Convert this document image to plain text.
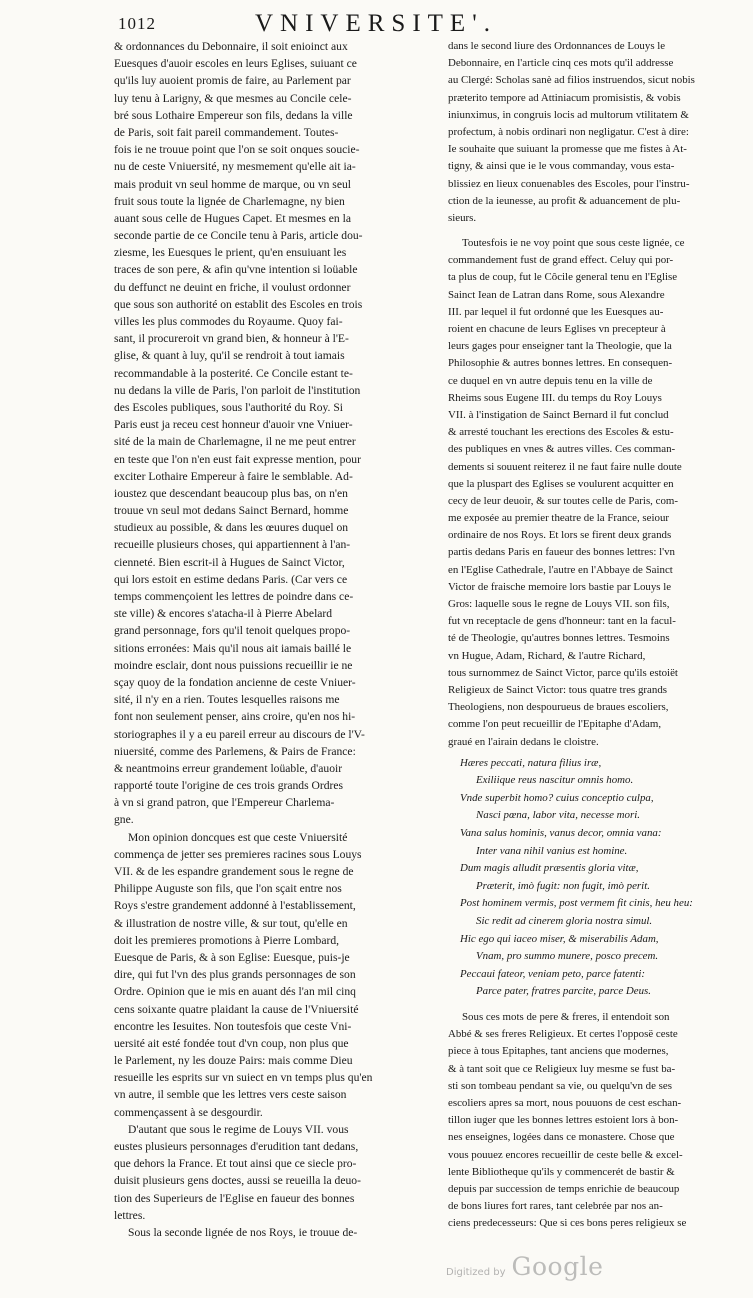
1012	VNIVERSITE'.
& ordonnances du Debonnaire, il soit enioinct aux
Euesques d'auoir escoles en leurs Eglises, suiuant ce
qu'ils luy auoient promis de faire, au Parlement par
luy tenu à Larigny, & que mesmes au Concile cele-
bré sous Lothaire Empereur son fils, dedans la ville
de Paris, soit fait pareil commandement. Toutes-
fois ie ne trouue point que l'on se soit onques soucie-
nu de ceste Vniuersité, ny mesmement qu'elle ait ia-
mais produit vn seul homme de marque, ou vn seul
fruit sous toute la lignée de Charlemagne, ny bien
auant sous celle de Hugues Capet. Et mesmes en la
seconde partie de ce Concile tenu à Paris, article dou-
ziesme, les Euesques le prient, qu'en ensuiuant les
traces de son pere, & afin qu'vne intention si loüable
du deffunct ne deuint en friche, il voulust ordonner
que sous son authorité on establit des Escoles en trois
villes les plus commodes du Royaume. Quoy fai-
sant, il procureroit vn grand bien, & honneur à l'E-
glise, & quant à luy, qu'il se rendroit à tout iamais
recommandable à la posterité. Ce Concile estant te-
nu dedans la ville de Paris, l'on parloit de l'institution
des Escoles publiques, sous l'authorité du Roy. Si
Paris eust ja receu cest honneur d'auoir vne Vniuer-
sité de la main de Charlemagne, il ne me peut entrer
en teste que l'on n'en eust fait expresse mention, pour
exciter Lothaire Empereur à faire le semblable. Ad-
ioustez que descendant beaucoup plus bas, on n'en
trouue vn seul mot dedans Sainct Bernard, homme
studieux au possible, & dans les œuures duquel on
recueille plusieurs choses, qui appartiennent à l'an-
cienneté. Bien escrit-il à Hugues de Sainct Victor,
qui lors estoit en estime dedans Paris. (Car vers ce
temps commençoient les lettres de poindre dans ce-
ste ville) & encores s'atacha-il à Pierre Abelard
grand personnage, fors qu'il tenoit quelques propo-
sitions erronées: Mais qu'il nous ait iamais baillé le
moindre esclair, dont nous puissions recueillir ie ne
sçay quoy de la fondation ancienne de ceste Vniuer-
sité, il n'y en a rien. Toutes lesquelles raisons me
font non seulement penser, ains croire, qu'en nos hi-
storiographes il y a eu pareil erreur au discours de l'V-
niuersité, comme des Parlemens, & Pairs de France:
& neantmoins erreur grandement loüable, d'auoir
rapporté toute l'origine de ces trois grands Ordres
à vn si grand patron, que l'Empereur Charlema-
gne.
Mon opinion doncques est que ceste Vniuersité
commença de jetter ses premieres racines sous Louys
VII. & de les espandre grandement sous le regne de
Philippe Auguste son fils, que l'on sçait entre nos
Roys s'estre grandement addonné à l'establissement,
& illustration de nostre ville, & sur tout, qu'elle en
doit les premieres promotions à Pierre Lombard,
Euesque de Paris, & à son Eglise: Euesque, puis-je
dire, qui fut l'vn des plus grands personnages de son
Ordre. Opinion que ie mis en auant dés l'an mil cinq
cens soixante quatre plaidant la cause de l'Vniuersité
encontre les Iesuites. Non toutesfois que ceste Vni-
uersité ait esté fondée tout d'vn coup, non plus que
le Parlement, ny les douze Pairs: mais comme Dieu
resueille les esprits sur vn suiect en vn temps plus qu'en
vn autre, il semble que les lettres vers ceste saison
commençassent à se desgourdir.
D'autant que sous le regime de Louys VII. vous
eustes plusieurs personnages d'erudition tant dedans,
que dehors la France. Et tout ainsi que ce siecle pro-
duisit plusieurs gens doctes, aussi se reueilla la deuo-
tion des Superieurs de l'Eglise en faueur des bonnes
lettres.
Sous la seconde lignée de nos Roys, ie trouue de-
dans le second liure des Ordonnances de Louys le
Debonnaire, en l'article cinq ces mots qu'il addresse
au Clergé: Scholas sanè ad filios instruendos, sicut nobis
præterito tempore ad Attiniacum promisistis, & vobis
iniunximus, in congruis locis ad multorum vtilitatem &
profectum, à nobis ordinari non negligatur. C'est à dire:
Ie souhaite que suiuant la promesse que me fistes à At-
tigny, & ainsi que ie le vous commanday, vous esta-
blissiez en lieux conuenables des Escoles, pour l'instru-
ction de la ieunesse, au profit & aduancement de plu-
sieurs.
Toutesfois ie ne voy point que sous ceste lignée, ce
commandement fust de grand effect. Celuy qui por-
ta plus de coup, fut le Côcile general tenu en l'Eglise
Sainct Iean de Latran dans Rome, sous Alexandre
III. par lequel il fut ordonné que les Euesques au-
roient en chacune de leurs Eglises vn precepteur à
leurs gages pour enseigner tant la Theologie, que la
Philosophie & autres bonnes lettres. En consequen-
ce duquel en vn autre depuis tenu en la ville de
Rheims sous Eugene III. du temps du Roy Louys
VII. à l'instigation de Sainct Bernard il fut conclud
& arresté touchant les erections des Escoles & estu-
des publiques en vnes & autres villes. Ces comman-
dements si souuent reiterez il ne faut faire nulle doute
que la pluspart des Eglises se voulurent acquitter en
cecy de leur deuoir, & sur toutes celle de Paris, com-
me exposée au premier theatre de la France, seiour
ordinaire de nos Roys. Et lors se firent deux grands
partis dedans Paris en faueur des bonnes lettres: l'vn
en l'Eglise Cathedrale, l'autre en l'Abbaye de Sainct
Victor de fraische memoire lors bastie par Louys le
Gros: laquelle sous le regne de Louys VII. son fils,
fut vn receptacle de gens d'honneur: tant en la facul-
té de Theologie, qu'autres bonnes lettres. Tesmoins
vn Hugue, Adam, Richard, & l'autre Richard,
tous surnommez de Sainct Victor, parce qu'ils estoiët
Religieux de Sainct Victor: tous quatre tres grands
Theologiens, non despourueus de braues escoliers,
comme l'on peut recueillir de l'Epitaphe d'Adam,
graué en l'airain dedans le cloistre.
Hæres peccati, natura filius iræ,
Exiliique reus nascitur omnis homo.
Vnde superbit homo? cuius conceptio culpa,
Nasci pœna, labor vita, necesse mori.
Vana salus hominis, vanus decor, omnia vana:
Inter vana nihil vanius est homine.
Dum magis alludit præsentis gloria vitæ,
Præterit, imò fugit: non fugit, imò perit.
Post hominem vermis, post vermem fit cinis, heu heu:
Sic redit ad cinerem gloria nostra simul.
Hic ego qui iaceo miser, & miserabilis Adam,
Vnam, pro summo munere, posco precem.
Peccaui fateor, veniam peto, parce fatenti:
Parce pater, fratres parcite, parce Deus.
Sous ces mots de pere & freres, il entendoit son
Abbé & ses freres Religieux. Et certes l'opposë ceste
piece à tous Epitaphes, tant anciens que modernes,
& à tant soit que ce Religieux luy mesme se fust ba-
sti son tombeau pendant sa vie, ou quelqu'vn de ses
escoliers apres sa mort, nous pouuons de cest eschan-
tillon iuger que les bonnes lettres estoient lors à bon-
nes enseignes, logées dans ce monastere. Chose que
vous pouuez encores recueillir de ceste belle & excel-
lente Bibliotheque qu'ils y commencerét de bastir &
depuis par succession de temps enrichie de beaucoup
de bons liures fort rares, tant celebrée par nos an-
ciens predecesseurs: Que si ces bons peres religieux se
Digitized by Google
